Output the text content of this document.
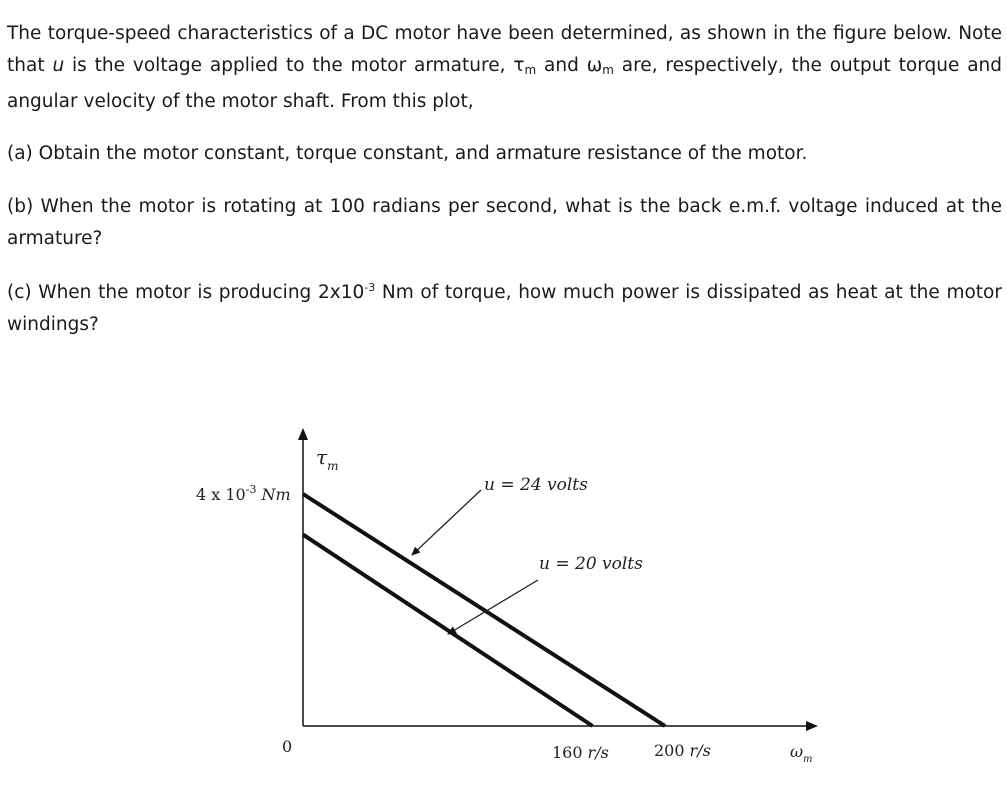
The torque-speed characteristics of a DC motor have been determined, as shown in the figure below. Note that u is the voltage applied to the motor armature, $\tau_m$ and $\omega_m$ are, respectively, the output torque and angular velocity of the motor shaft. From this plot,

(a) Obtain the motor constant, torque constant, and armature resistance of the motor.

(b) When the motor is rotating at 100 radians per second, what is the back e.m.f. voltage induced at the armature?

(c) When the motor is producing $2x10^{-3}$ Nm of torque, how much power is dissipated as heat at the motor windings?

$\tau_m$
$\omega_m$
4 x $10^{-3}$ Nm
0	160 r/s	200 r/s
u = 24 volts
u = 20 volts
